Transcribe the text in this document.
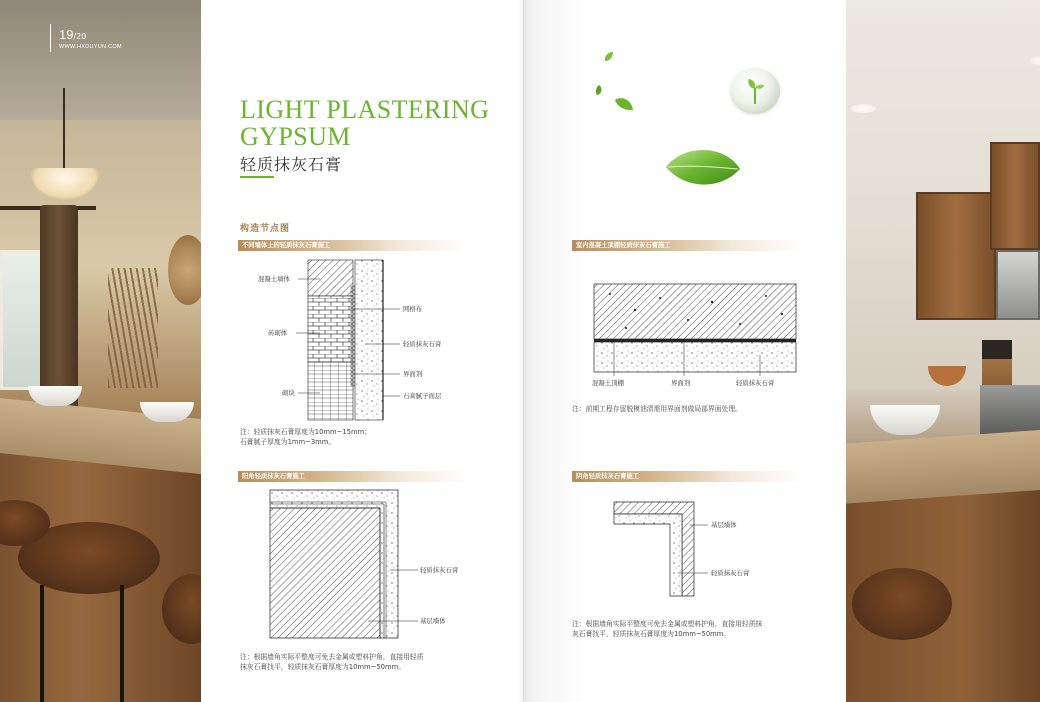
19/20
WWW.HXDUYUN.COM
LIGHT PLASTERING
GYPSUM
轻质抹灰石膏
构造节点图
不同墙体上的轻质抹灰石膏施工
混凝土墙体
砖砌体
砌块
网格布
轻质抹灰石膏
界面剂
石膏腻子面层
注：轻质抹灰石膏厚度为10mm~15mm；
石膏腻子厚度为1mm~3mm。
阳角轻质抹灰石膏施工
轻质抹灰石膏
基层墙体
注：根据墙角实际平整度可免去金属或塑料护角，直接用轻质
抹灰石膏找平，轻质抹灰石膏厚度为10mm~50mm。
室内混凝土顶棚轻质抹灰石膏施工
混凝土顶棚	界面剂	轻质抹灰石膏
注：前期工程存留脱模油渍需用界面剂做局部界面处理。
阴角轻质抹灰石膏施工
基层墙体
轻质抹灰石膏
注：根据墙角实际平整度可免去金属或塑料护角，直接用轻质抹
灰石膏找平，轻质抹灰石膏厚度为10mm~50mm。
